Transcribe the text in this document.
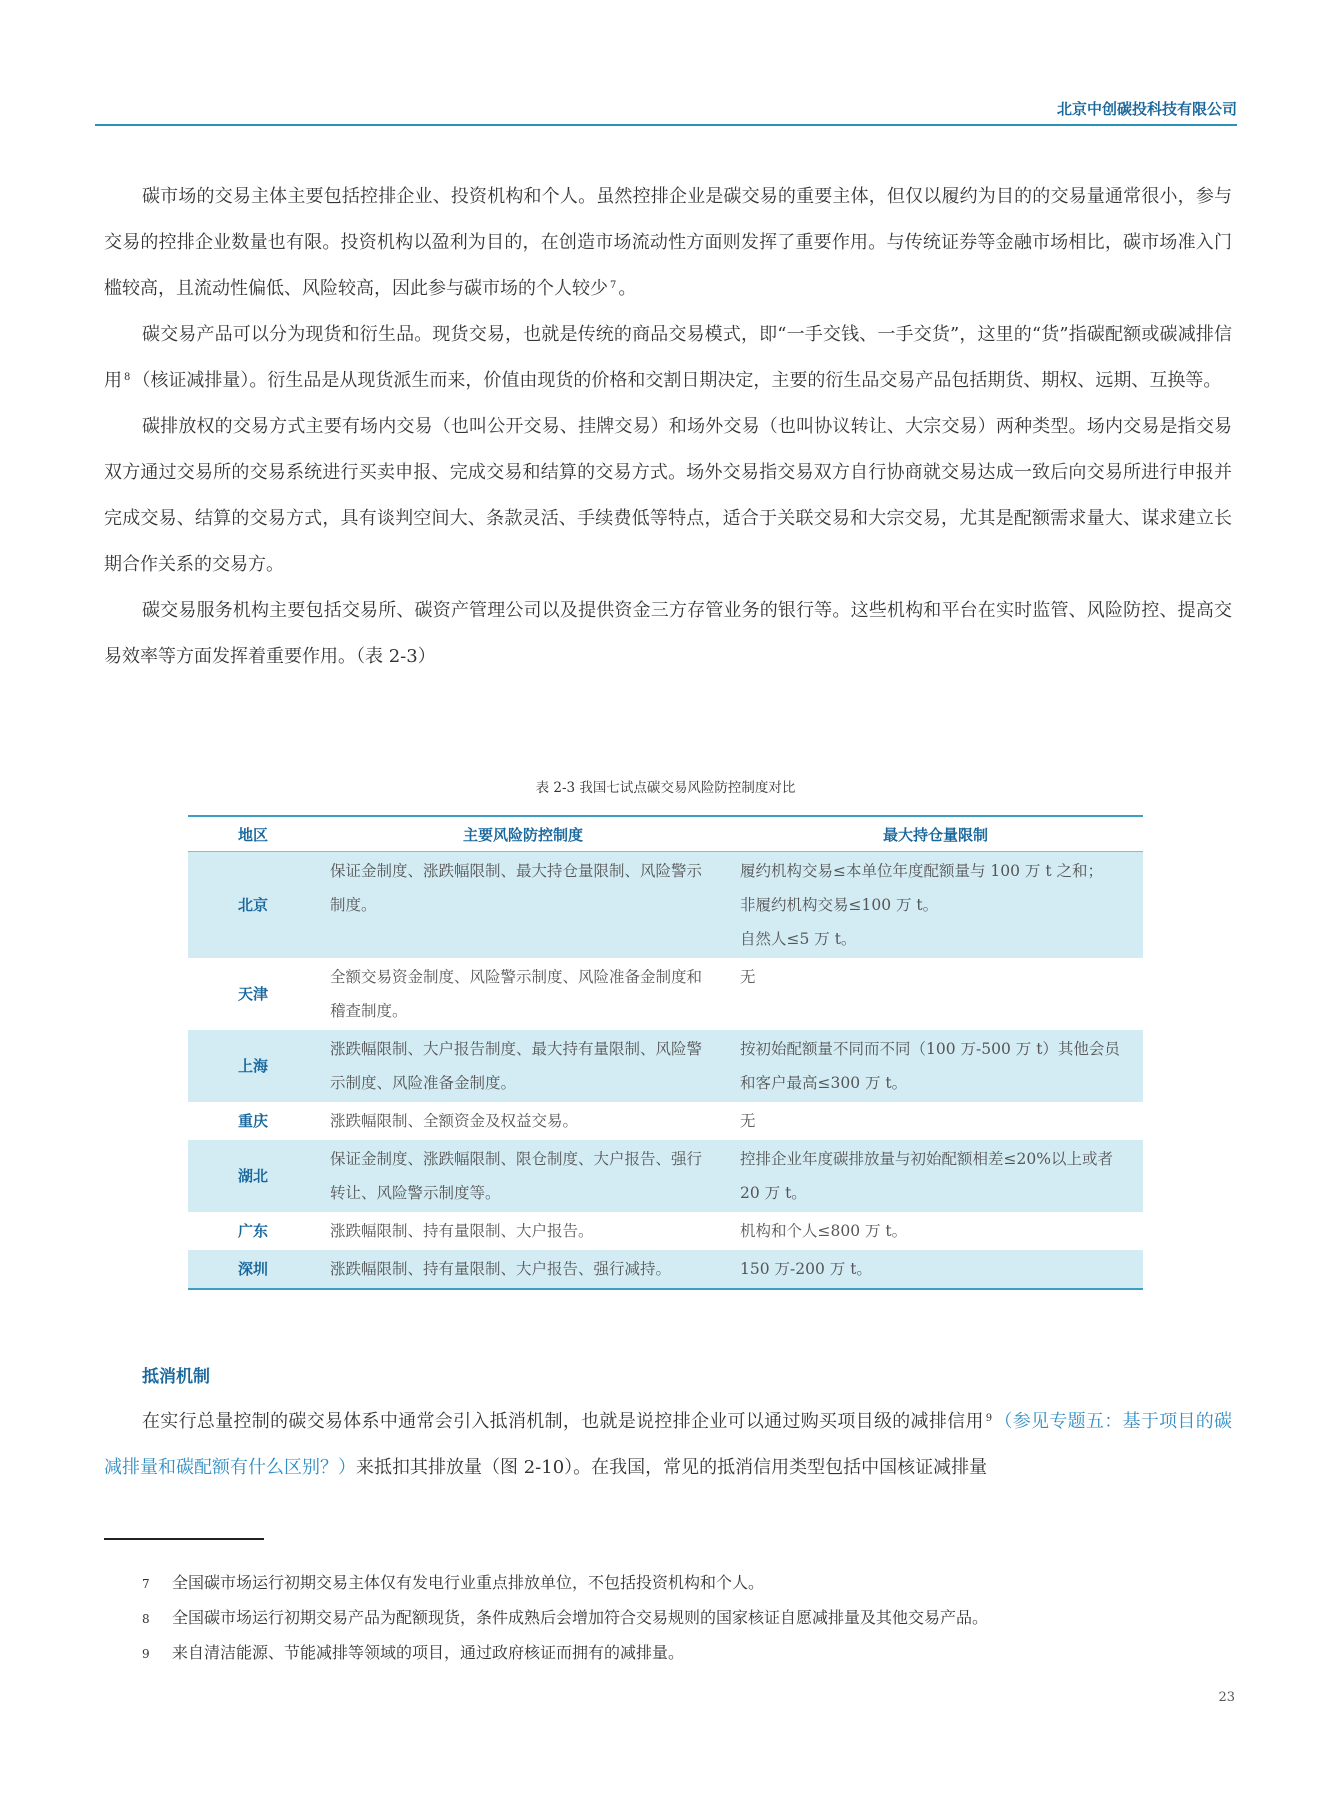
北京中创碳投科技有限公司

碳市场的交易主体主要包括控排企业、投资机构和个人。虽然控排企业是碳交易的重要主体，但仅以履约为目的的交易量通常很小，参与交易的控排企业数量也有限。投资机构以盈利为目的，在创造市场流动性方面则发挥了重要作用。与传统证券等金融市场相比，碳市场准入门槛较高，且流动性偏低、风险较高，因此参与碳市场的个人较少 $^7$ 。

碳交易产品可以分为现货和衍生品。现货交易，也就是传统的商品交易模式，即“一手交钱、一手交货”，这里的“货”指碳配额或碳减排信用 $^8$ （核证减排量）。衍生品是从现货派生而来，价值由现货的价格和交割日期决定，主要的衍生品交易产品包括期货、期权、远期、互换等。

碳排放权的交易方式主要有场内交易（也叫公开交易、挂牌交易）和场外交易（也叫协议转让、大宗交易）两种类型。场内交易是指交易双方通过交易所的交易系统进行买卖申报、完成交易和结算的交易方式。场外交易指交易双方自行协商就交易达成一致后向交易所进行申报并完成交易、结算的交易方式，具有谈判空间大、条款灵活、手续费低等特点，适合于关联交易和大宗交易，尤其是配额需求量大、谋求建立长期合作关系的交易方。

碳交易服务机构主要包括交易所、碳资产管理公司以及提供资金三方存管业务的银行等。这些机构和平台在实时监管、风险防控、提高交易效率等方面发挥着重要作用。（表 2-3）

表 2-3 我国七试点碳交易风险防控制度对比
地区	主要风险防控制度	最大持仓量限制
北京	保证金制度、涨跌幅限制、最大持仓量限制、风险警示制度。	履约机构交易≤本单位年度配额量与 100 万 t 之和；
非履约机构交易≤100 万 t。
自然人≤5 万 t。

天津	全额交易资金制度、风险警示制度、风险准备金制度和稽查制度。	无
上海	涨跌幅限制、大户报告制度、最大持有量限制、风险警示制度、风险准备金制度。	按初始配额量不同而不同（100 万-500 万 t）其他会员和客户最高≤300 万 t。
重庆	涨跌幅限制、全额资金及权益交易。	无
湖北	保证金制度、涨跌幅限制、限仓制度、大户报告、强行转让、风险警示制度等。	控排企业年度碳排放量与初始配额相差≤20%以上或者 20 万 t。
广东	涨跌幅限制、持有量限制、大户报告。	机构和个人≤800 万 t。
深圳	涨跌幅限制、持有量限制、大户报告、强行减持。	150 万-200 万 t。
抵消机制

在实行总量控制的碳交易体系中通常会引入抵消机制，也就是说控排企业可以通过购买项目级的减排信用 $^9$ （参见专题五：基于项目的碳减排量和碳配额有什么区别？）来抵扣其排放量（图 2-10）。在我国，常见的抵消信用类型包括中国核证减排量

7 全国碳市场运行初期交易主体仅有发电行业重点排放单位，不包括投资机构和个人。
8 全国碳市场运行初期交易产品为配额现货，条件成熟后会增加符合交易规则的国家核证自愿减排量及其他交易产品。
9 来自清洁能源、节能减排等领域的项目，通过政府核证而拥有的减排量。
23
